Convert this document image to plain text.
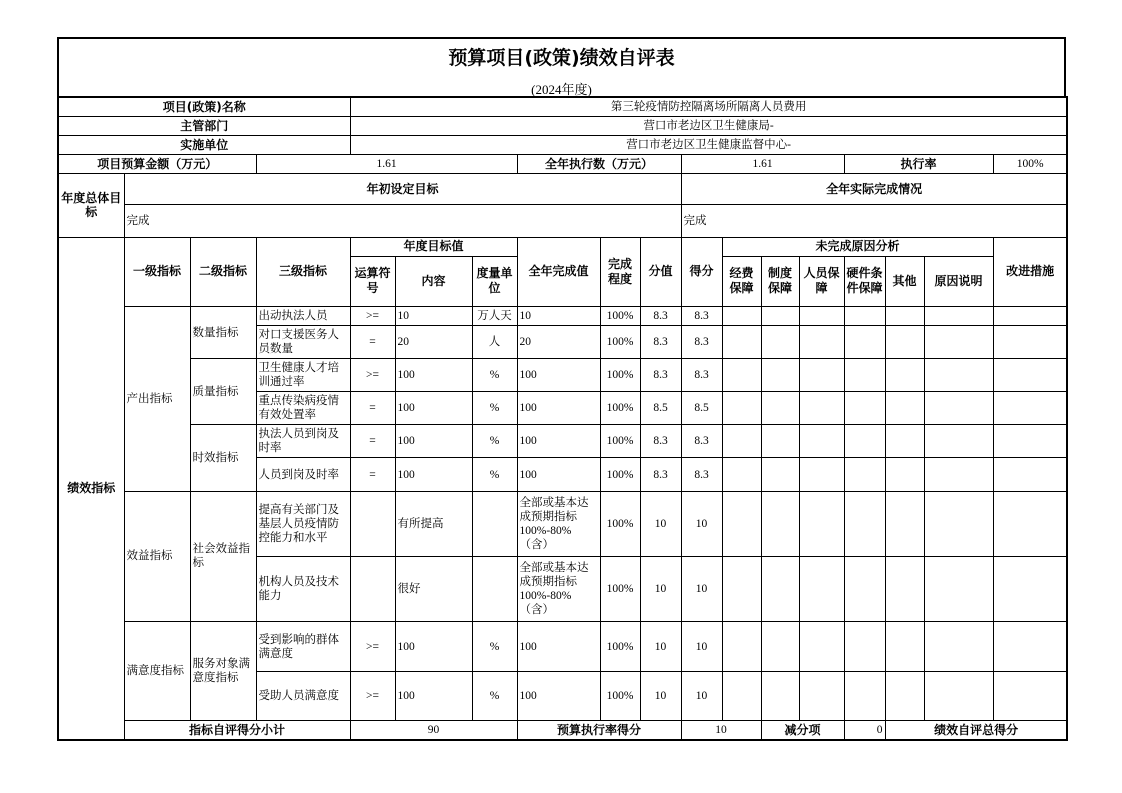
预算项目(政策)绩效自评表
(2024年度)
项目(政策)名称				第三轮疫情防控隔离场所隔离人员费用														
主管部门				营口市老边区卫生健康局-														
实施单位				营口市老边区卫生健康监督中心-														
项目预算金额（万元）			1.61				全年执行数（万元）			1.61				执行率			100%	
年度总体目标	年初设定目标									全年实际完成情况								
	完成									完成								
绩效指标	一级指标	二级指标	三级指标	年度目标值			全年完成值	完成程度	分值	得分	未完成原因分析						改进措施	
				运算符号	内容	度量单位					经费保障	制度保障	人员保障	硬件条件保障	其他	原因说明		
	产出指标	数量指标	出动执法人员	>=	10	万人天	10	100%	8.3	8.3								
			对口支援医务人员数量	=	20	人	20	100%	8.3	8.3								
		质量指标	卫生健康人才培训通过率	>=	100	%	100	100%	8.3	8.3								
			重点传染病疫情有效处置率	=	100	%	100	100%	8.5	8.5								
		时效指标	执法人员到岗及时率	=	100	%	100	100%	8.3	8.3								
			人员到岗及时率	=	100	%	100	100%	8.3	8.3								
	效益指标	社会效益指标	提高有关部门及基层人员疫情防控能力和水平		有所提高		全部或基本达成预期指标100%-80%（含）	100%	10	10								
			机构人员及技术能力		很好		全部或基本达成预期指标100%-80%（含）	100%	10	10								
	满意度指标	服务对象满意度指标	受到影响的群体满意度	>=	100	%	100	100%	10	10								
			受助人员满意度	>=	100	%	100	100%	10	10								
	指标自评得分小计			90			预算执行率得分			10		减分项		0	绩效自评总得分	
